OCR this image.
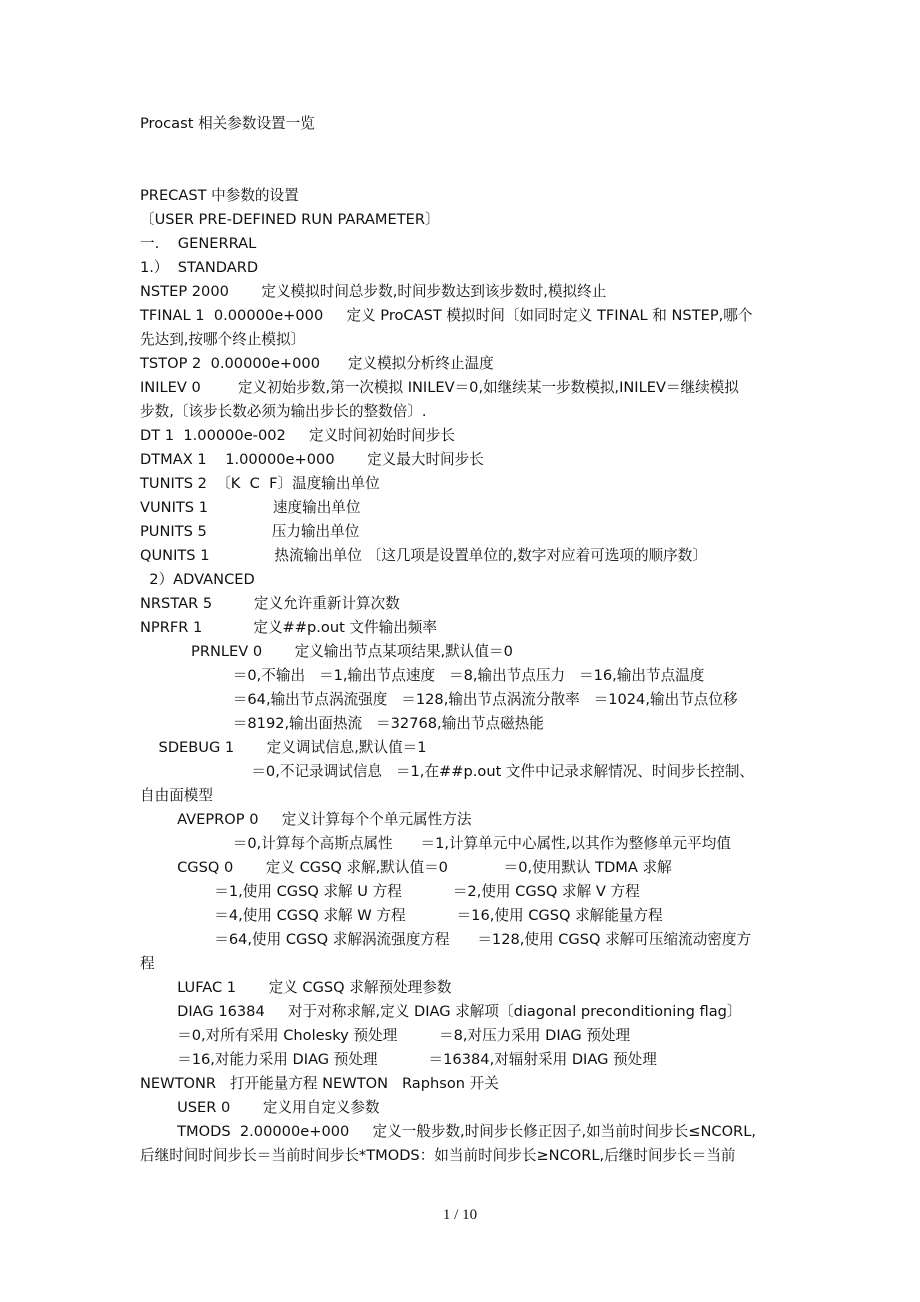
Procast 相关参数设置一览
PRECAST 中参数的设置
〔USER PRE-DEFINED RUN PARAMETER〕
一.    GENERRAL
1.）  STANDARD
NSTEP 2000       定义模拟时间总步数,时间步数达到该步数时,模拟终止
TFINAL 1  0.00000e+000     定义 ProCAST 模拟时间〔如同时定义 TFINAL 和 NSTEP,哪个
先达到,按哪个终止模拟〕
TSTOP 2  0.00000e+000      定义模拟分析终止温度
INILEV 0        定义初始步数,第一次模拟 INILEV＝0,如继续某一步数模拟,INILEV＝继续模拟
步数,〔该步长数必须为输出步长的整数倍〕.
DT 1  1.00000e-002     定义时间初始时间步长
DTMAX 1    1.00000e+000       定义最大时间步长
TUNITS 2  〔K  C  F〕温度输出单位
VUNITS 1              速度输出单位
PUNITS 5              压力输出单位
QUNITS 1              热流输出单位 〔这几项是设置单位的,数字对应着可选项的顺序数〕
2）ADVANCED
NRSTAR 5         定义允许重新计算次数
NPRFR 1           定义##p.out 文件输出频率
PRNLEV 0       定义输出节点某项结果,默认值＝0
＝0,不输出   ＝1,输出节点速度   ＝8,输出节点压力   ＝16,输出节点温度
＝64,输出节点涡流强度   ＝128,输出节点涡流分散率   ＝1024,输出节点位移
＝8192,输出面热流   ＝32768,输出节点磁热能
SDEBUG 1       定义调试信息,默认值＝1
＝0,不记录调试信息   ＝1,在##p.out 文件中记录求解情况、时间步长控制、
自由面模型
AVEPROP 0     定义计算每个个单元属性方法
＝0,计算每个高斯点属性      ＝1,计算单元中心属性,以其作为整修单元平均值
CGSQ 0       定义 CGSQ 求解,默认值＝0            ＝0,使用默认 TDMA 求解
＝1,使用 CGSQ 求解 U 方程           ＝2,使用 CGSQ 求解 V 方程
＝4,使用 CGSQ 求解 W 方程           ＝16,使用 CGSQ 求解能量方程
＝64,使用 CGSQ 求解涡流强度方程      ＝128,使用 CGSQ 求解可压缩流动密度方
程
LUFAC 1       定义 CGSQ 求解预处理参数
DIAG 16384     对于对称求解,定义 DIAG 求解项〔diagonal preconditioning flag〕
＝0,对所有采用 Cholesky 预处理         ＝8,对压力采用 DIAG 预处理
＝16,对能力采用 DIAG 预处理           ＝16384,对辐射采用 DIAG 预处理
NEWTONR   打开能量方程 NEWTON   Raphson 开关
USER 0       定义用自定义参数
TMODS  2.00000e+000     定义一般步数,时间步长修正因子,如当前时间步长≤NCORL,
后继时间时间步长＝当前时间步长*TMODS：如当前时间步长≥NCORL,后继时间步长＝当前
1 / 10
